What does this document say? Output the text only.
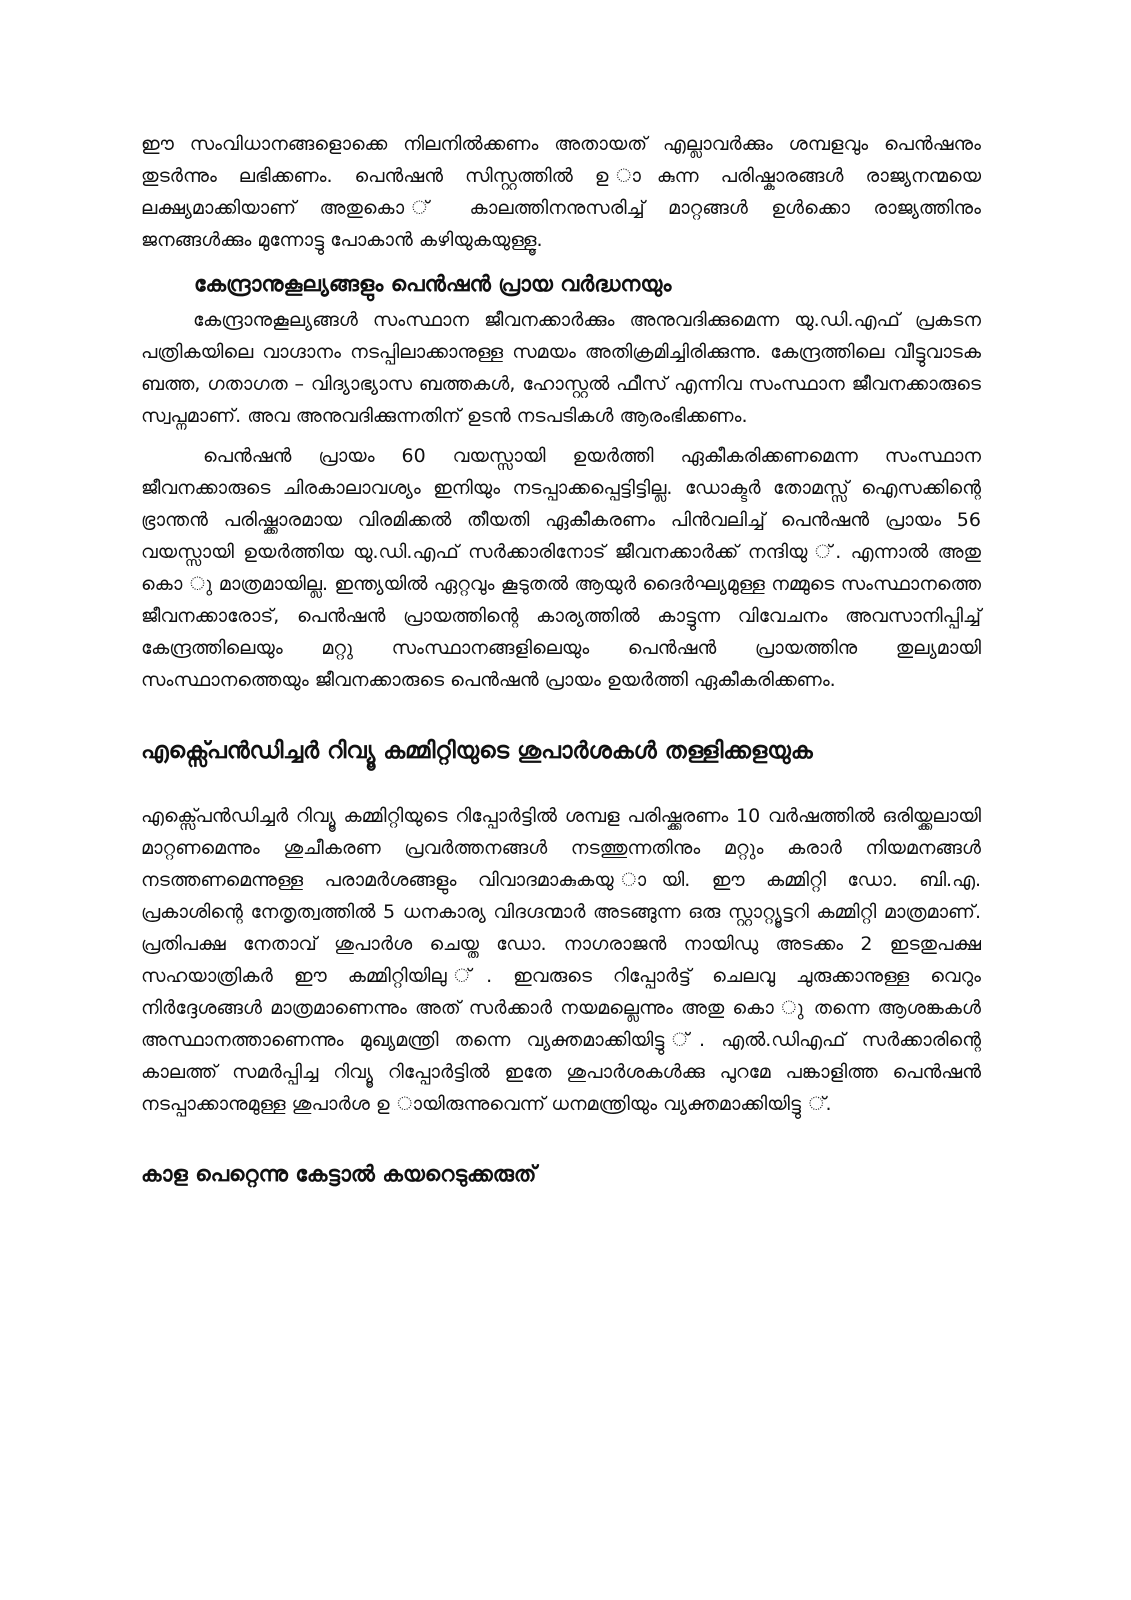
ഈ സംവിധാനങ്ങളൊക്കെ നിലനിൽക്കണം അതായത് എല്ലാവർക്കും ശമ്പളവും പെൻഷനും തുടർന്നും ലഭിക്കണം. പെൻഷൻ സിസ്റ്റത്തിൽ ഉ ാകുന്ന പരിഷ്കാരങ്ങൾ രാജ്യനന്മയെ ലക്ഷ്യമാക്കിയാണ് അതുകൊ ് കാലത്തിനനുസരിച്ച് മാറ്റങ്ങൾ ഉൾക്കൊ രാജ്യത്തിനും ജനങ്ങൾക്കും മുന്നോട്ടു പോകാൻ കഴിയുകയുള്ളൂ.

കേന്ദ്രാനുകൂല്യങ്ങളും പെൻഷൻ പ്രായ വർദ്ധനയും

കേന്ദ്രാനുകൂല്യങ്ങൾ സംസ്ഥാന ജീവനക്കാർക്കും അനുവദിക്കുമെന്ന യു.ഡി.എഫ് പ്രകടന പത്രികയിലെ വാഗ്ദാനം നടപ്പിലാക്കാനുള്ള സമയം അതിക്രമിച്ചിരിക്കുന്നു. കേന്ദ്രത്തിലെ വീട്ടുവാടക ബത്ത, ഗതാഗത – വിദ്യാഭ്യാസ ബത്തകൾ, ഹോസ്റ്റൽ ഫീസ് എന്നിവ സംസ്ഥാന ജീവനക്കാരുടെ സ്വപ്നമാണ്. അവ അനുവദിക്കുന്നതിന് ഉടൻ നടപടികൾ ആരംഭിക്കണം.

പെൻഷൻ പ്രായം 60 വയസ്സായി ഉയർത്തി ഏകീകരിക്കണമെന്ന സംസ്ഥാന ജീവനക്കാരുടെ ചിരകാലാവശ്യം ഇനിയും നടപ്പാക്കപ്പെട്ടിട്ടില്ല. ഡോക്ടർ തോമസ്സ് ഐസക്കിന്റെ ഭ്രാന്തൻ പരിഷ്ക്കാരമായ വിരമിക്കൽ തീയതി ഏകീകരണം പിൻവലിച്ച് പെൻഷൻ പ്രായം 56 വയസ്സായി ഉയർത്തിയ യു.ഡി.എഫ് സർക്കാരിനോട് ജീവനക്കാർക്ക് നന്ദിയു ്. എന്നാൽ അതു കൊ ു മാത്രമായില്ല. ഇന്ത്യയിൽ ഏറ്റവും കൂടുതൽ ആയുർ ദൈർഘ്യമുള്ള നമ്മുടെ സംസ്ഥാനത്തെ ജീവനക്കാരോട്, പെൻഷൻ പ്രായത്തിന്റെ കാര്യത്തിൽ കാട്ടുന്ന വിവേചനം അവസാനിപ്പിച്ച് കേന്ദ്രത്തിലെയും മറ്റു സംസ്ഥാനങ്ങളിലെയും പെൻഷൻ പ്രായത്തിനു തുല്യമായി സംസ്ഥാനത്തെയും ജീവനക്കാരുടെ പെൻഷൻ പ്രായം ഉയർത്തി ഏകീകരിക്കണം.

എക്സ്പെൻഡിച്ചർ റിവ്യൂ കമ്മിറ്റിയുടെ ശുപാർശകൾ തള്ളിക്കളയുക

എക്സ്പെൻഡിച്ചർ റിവ്യൂ കമ്മിറ്റിയുടെ റിപ്പോർട്ടിൽ ശമ്പള പരിഷ്ക്കരണം 10 വർഷത്തിൽ ഒരിയ്ക്കലായി മാറ്റണമെന്നും ശുചീകരണ പ്രവർത്തനങ്ങൾ നടത്തുന്നതിനും മറ്റും കരാർ നിയമനങ്ങൾ നടത്തണമെന്നുള്ള പരാമർശങ്ങളും വിവാദമാകുകയു ായി. ഈ കമ്മിറ്റി ഡോ. ബി.എ. പ്രകാശിന്റെ നേതൃത്വത്തിൽ 5 ധനകാര്യ വിദഗ്ദന്മാർ അടങ്ങുന്ന ഒരു സ്റ്റാറ്റ്യൂട്ടറി കമ്മിറ്റി മാത്രമാണ്. പ്രതിപക്ഷ നേതാവ് ശുപാർശ ചെയ്ത ഡോ. നാഗരാജൻ നായിഡു അടക്കം 2 ഇടതുപക്ഷ സഹയാത്രികർ ഈ കമ്മിറ്റിയിലു ്. ഇവരുടെ റിപ്പോർട്ട് ചെലവു ചുരുക്കാനുള്ള വെറും നിർദ്ദേശങ്ങൾ മാത്രമാണെന്നും അത് സർക്കാർ നയമല്ലെന്നും അതു കൊ ു തന്നെ ആശങ്കകൾ അസ്ഥാനത്താണെന്നും മുഖ്യമന്ത്രി തന്നെ വ്യക്തമാക്കിയിട്ടു ്. എൽ.ഡിഎഫ് സർക്കാരിന്റെ കാലത്ത് സമർപ്പിച്ച റിവ്യൂ റിപ്പോർട്ടിൽ ഇതേ ശുപാർശകൾക്കു പുറമേ പങ്കാളിത്ത പെൻഷൻ നടപ്പാക്കാനുമുള്ള ശുപാർശ ഉ ായിരുന്നുവെന്ന് ധനമന്ത്രിയും വ്യക്തമാക്കിയിട്ടു ്.

കാള പെറ്റെന്നു കേട്ടാൽ കയറെടുക്കരുത്
